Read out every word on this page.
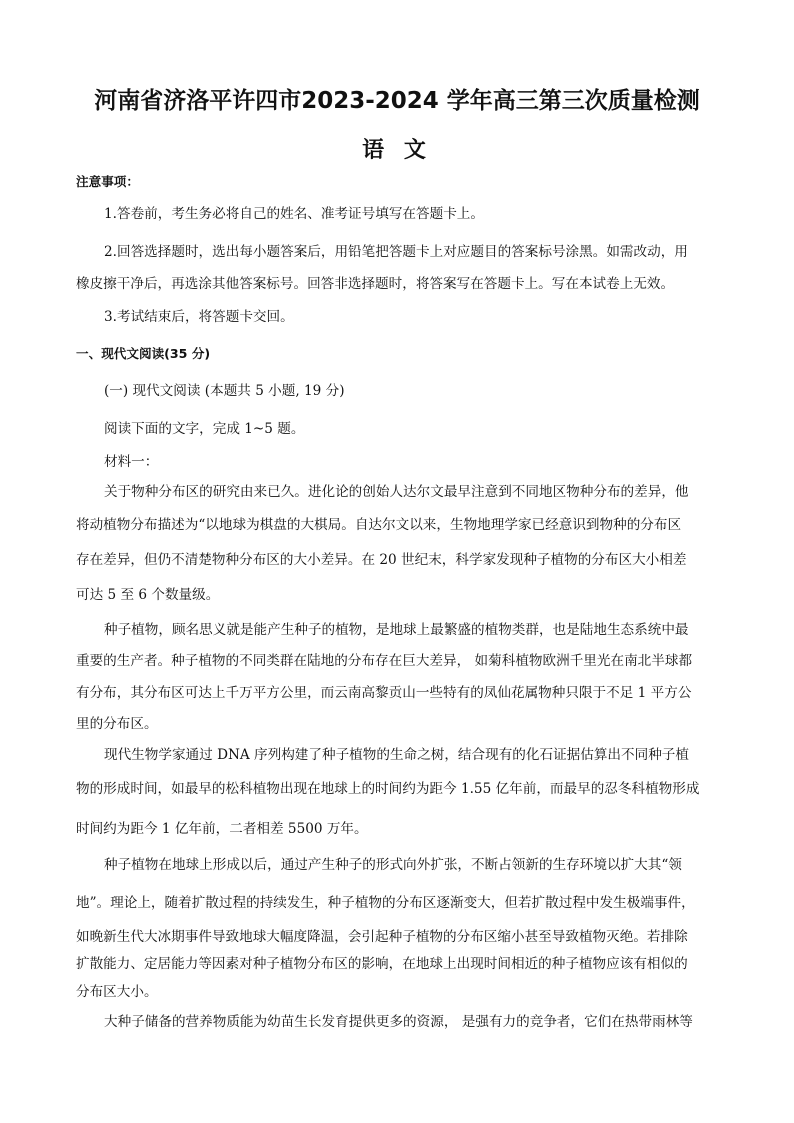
河南省济洛平许四市2023-2024 学年高三第三次质量检测
语 文

注意事项：

1.答卷前，考生务必将自己的姓名、准考证号填写在答题卡上。

2.回答选择题时，选出每小题答案后，用铅笔把答题卡上对应题目的答案标号涂黑。如需改动，用

橡皮擦干净后，再选涂其他答案标号。回答非选择题时，将答案写在答题卡上。写在本试卷上无效。

3.考试结束后，将答题卡交回。

一、现代文阅读(35 分)

(一) 现代文阅读 (本题共 5 小题, 19 分)

阅读下面的文字，完成 1~5 题。

材料一：

关于物种分布区的研究由来已久。进化论的创始人达尔文最早注意到不同地区物种分布的差异，他

将动植物分布描述为“以地球为棋盘的大棋局。自达尔文以来，生物地理学家已经意识到物种的分布区

存在差异，但仍不清楚物种分布区的大小差异。在 20 世纪末，科学家发现种子植物的分布区大小相差

可达 5 至 6 个数量级。

种子植物，顾名思义就是能产生种子的植物，是地球上最繁盛的植物类群，也是陆地生态系统中最

重要的生产者。种子植物的不同类群在陆地的分布存在巨大差异， 如菊科植物欧洲千里光在南北半球都

有分布，其分布区可达上千万平方公里，而云南高黎贡山一些特有的凤仙花属物种只限于不足 1 平方公

里的分布区。

现代生物学家通过 DNA 序列构建了种子植物的生命之树，结合现有的化石证据估算出不同种子植

物的形成时间，如最早的松科植物出现在地球上的时间约为距今 1.55 亿年前，而最早的忍冬科植物形成

时间约为距今 1 亿年前，二者相差 5500 万年。

种子植物在地球上形成以后，通过产生种子的形式向外扩张，不断占领新的生存环境以扩大其“领

地”。理论上，随着扩散过程的持续发生，种子植物的分布区逐渐变大，但若扩散过程中发生极端事件，

如晚新生代大冰期事件导致地球大幅度降温，会引起种子植物的分布区缩小甚至导致植物灭绝。若排除

扩散能力、定居能力等因素对种子植物分布区的影响，在地球上出现时间相近的种子植物应该有相似的

分布区大小。

大种子储备的营养物质能为幼苗生长发育提供更多的资源， 是强有力的竞争者，它们在热带雨林等
